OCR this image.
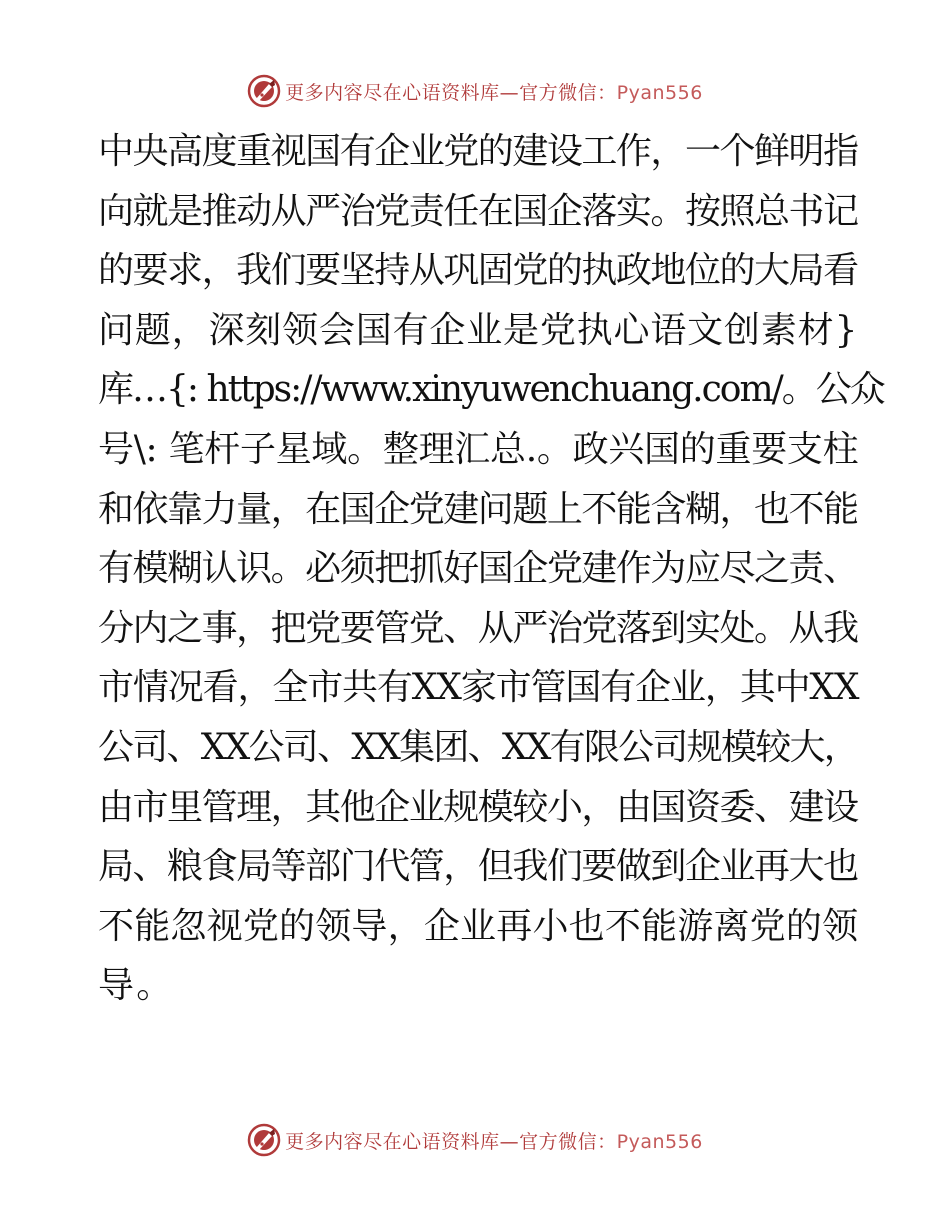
更多内容尽在心语资料库—官方微信：Pyan556
中央高度重视国有企业党的建设工作，一个鲜明指
向就是推动从严治党责任在国企落实。按照总书记
的要求，我们要坚持从巩固党的执政地位的大局看
问题，深刻领会国有企业是党执心语文创素材}
库…{: https://www.xinyuwenchuang.com/。公众
号\: 笔杆子星域。整理汇总.。政兴国的重要支柱
和依靠力量，在国企党建问题上不能含糊，也不能
有模糊认识。必须把抓好国企党建作为应尽之责、
分内之事，把党要管党、从严治党落到实处。从我
市情况看，全市共有XX家市管国有企业，其中XX
公司、XX公司、XX集团、XX有限公司规模较大，
由市里管理，其他企业规模较小，由国资委、建设
局、粮食局等部门代管，但我们要做到企业再大也
不能忽视党的领导，企业再小也不能游离党的领
导。
更多内容尽在心语资料库—官方微信：Pyan556
